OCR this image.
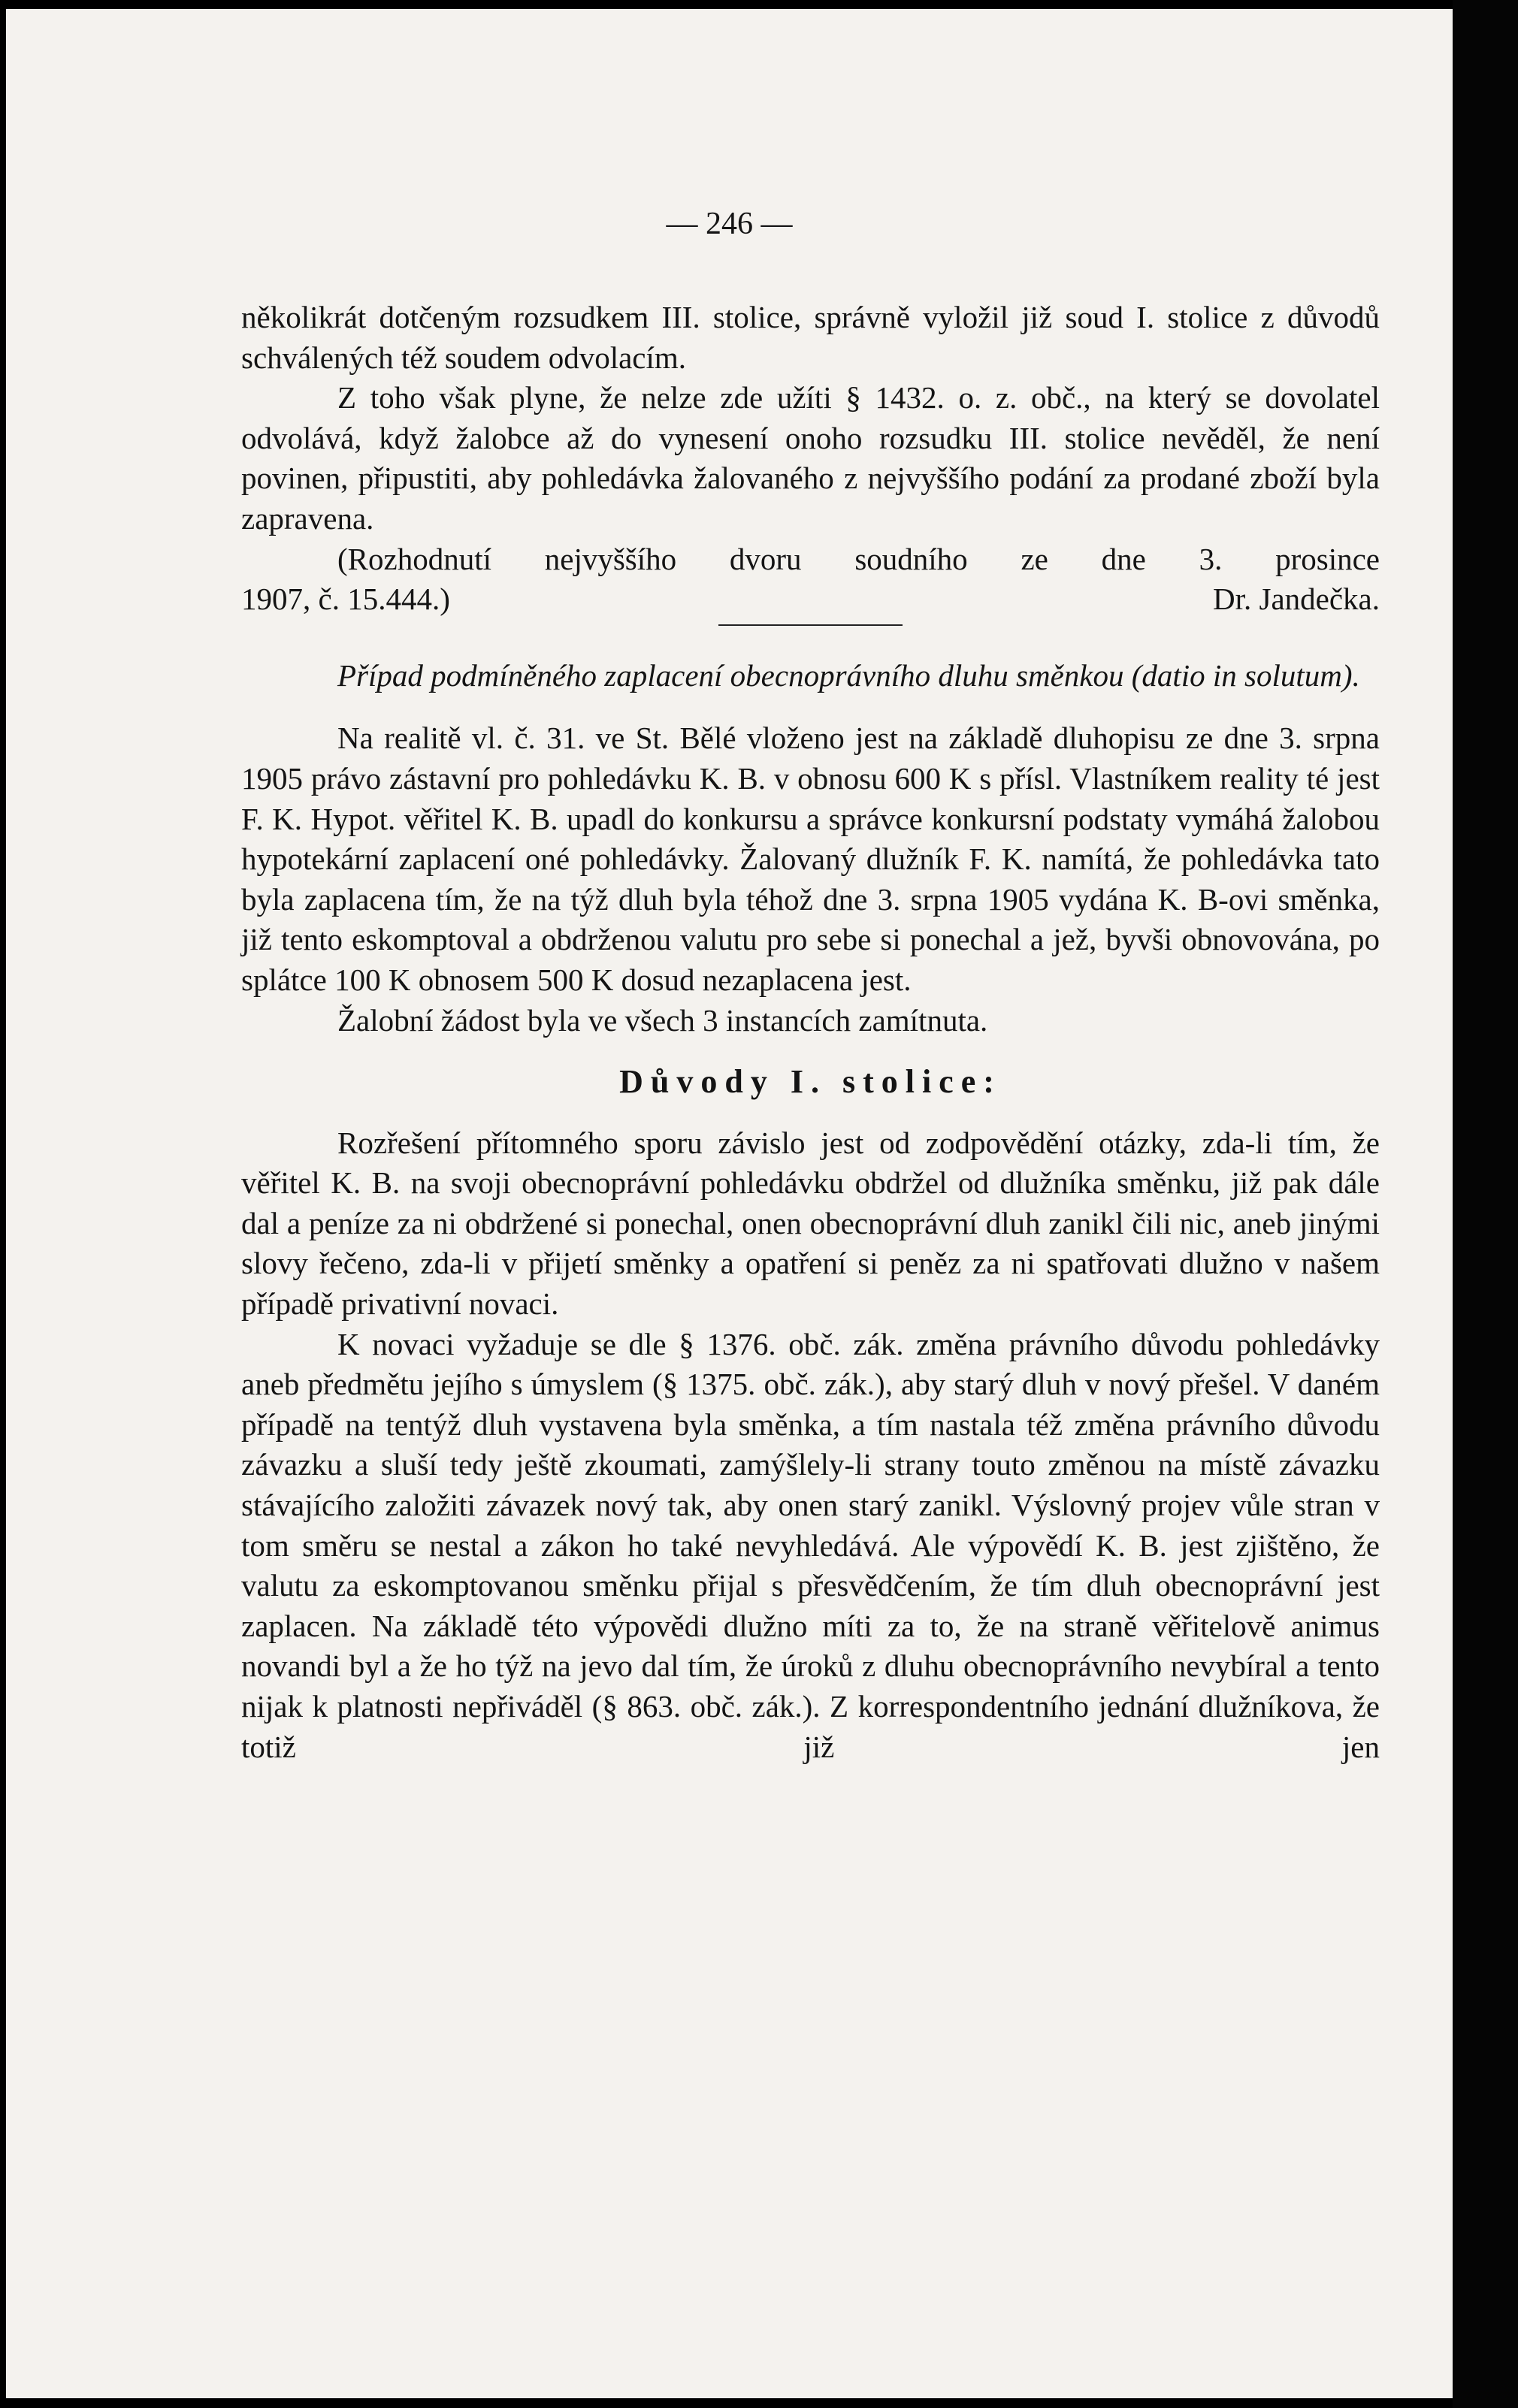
— 246 —

několikrát dotčeným rozsudkem III. stolice, správně vyložil již soud I. stolice z důvodů schválených též soudem odvolacím.

Z toho však plyne, že nelze zde užíti § 1432. o. z. obč., na který se dovolatel odvolává, když žalobce až do vynesení onoho rozsudku III. stolice nevěděl, že není povinen, připustiti, aby pohledávka žalovaného z nejvyššího podání za prodané zboží byla zapravena.

(Rozhodnutí nejvyššího dvoru soudního ze dne 3. prosince

1907, č. 15.444.)	Dr. Jandečka.

Případ podmíněného zaplacení obecnoprávního dluhu směnkou (datio in solutum).

Na realitě vl. č. 31. ve St. Bělé vloženo jest na základě dluhopisu ze dne 3. srpna 1905 právo zástavní pro pohledávku K. B. v obnosu 600 K s přísl. Vlastníkem reality té jest F. K. Hypot. věřitel K. B. upadl do konkursu a správce konkursní podstaty vymáhá žalobou hypotekární zaplacení oné pohledávky. Žalovaný dlužník F. K. namítá, že pohledávka tato byla zaplacena tím, že na týž dluh byla téhož dne 3. srpna 1905 vydána K. B-ovi směnka, již tento eskomptoval a obdrženou valutu pro sebe si ponechal a jež, byvši obnovována, po splátce 100 K obnosem 500 K dosud nezaplacena jest.

Žalobní žádost byla ve všech 3 instancích zamítnuta.

Důvody I. stolice:

Rozřešení přítomného sporu závislo jest od zodpovědění otázky, zda-li tím, že věřitel K. B. na svoji obecnoprávní pohledávku obdržel od dlužníka směnku, již pak dále dal a peníze za ni obdržené si ponechal, onen obecnoprávní dluh zanikl čili nic, aneb jinými slovy řečeno, zda-li v přijetí směnky a opatření si peněz za ni spatřovati dlužno v našem případě privativní novaci.

K novaci vyžaduje se dle § 1376. obč. zák. změna právního důvodu pohledávky aneb předmětu jejího s úmyslem (§ 1375. obč. zák.), aby starý dluh v nový přešel. V daném případě na tentýž dluh vystavena byla směnka, a tím nastala též změna právního důvodu závazku a sluší tedy ještě zkoumati, zamýšlely-li strany touto změnou na místě závazku stávajícího založiti závazek nový tak, aby onen starý zanikl. Výslovný projev vůle stran v tom směru se nestal a zákon ho také nevyhledává. Ale výpovědí K. B. jest zjištěno, že valutu za eskomptovanou směnku přijal s přesvědčením, že tím dluh obecnoprávní jest zaplacen. Na základě této výpovědi dlužno míti za to, že na straně věřitelově animus novandi byl a že ho týž na jevo dal tím, že úroků z dluhu obecnoprávního nevybíral a tento nijak k platnosti nepřiváděl (§ 863. obč. zák.). Z korrespondentního jednání dlužníkova, že totiž již jen
